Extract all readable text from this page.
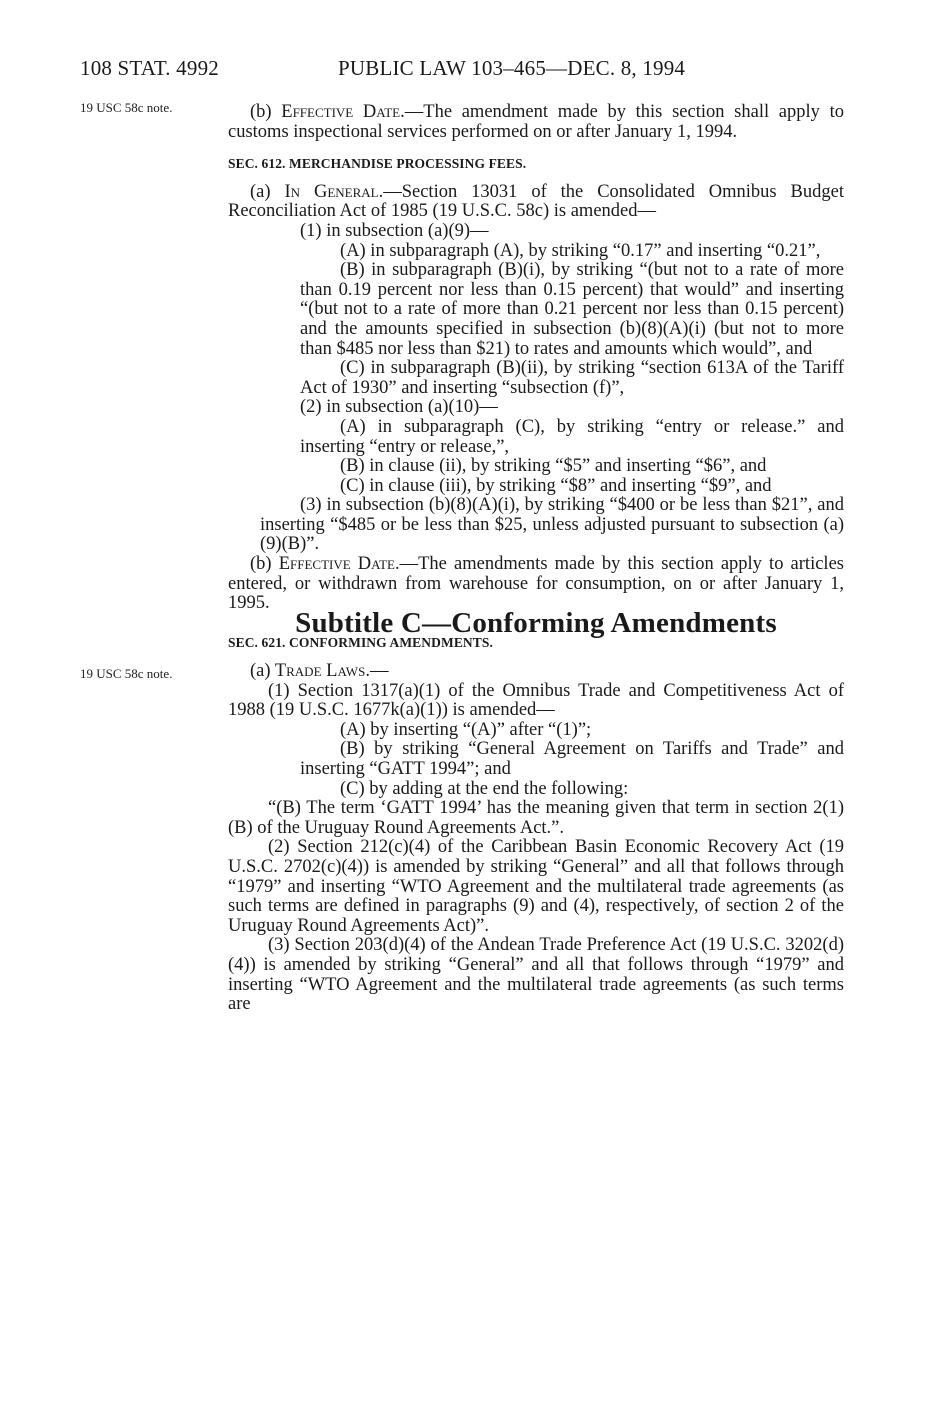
108 STAT. 4992	PUBLIC LAW 103–465—DEC. 8, 1994
19 USC 58c note.
19 USC 58c note.

(b) Effective Date.—The amendment made by this section shall apply to customs inspectional services performed on or after January 1, 1994.

SEC. 612. MERCHANDISE PROCESSING FEES.

(a) In General.—Section 13031 of the Consolidated Omnibus Budget Reconciliation Act of 1985 (19 U.S.C. 58c) is amended—

(1) in subsection (a)(9)—

(A) in subparagraph (A), by striking “0.17” and inserting “0.21”,

(B) in subparagraph (B)(i), by striking “(but not to a rate of more than 0.19 percent nor less than 0.15 percent) that would” and inserting “(but not to a rate of more than 0.21 percent nor less than 0.15 percent) and the amounts specified in subsection (b)(8)(A)(i) (but not to more than $485 nor less than $21) to rates and amounts which would”, and

(C) in subparagraph (B)(ii), by striking “section 613A of the Tariff Act of 1930” and inserting “subsection (f)”,

(2) in subsection (a)(10)—

(A) in subparagraph (C), by striking “entry or release.” and inserting “entry or release,”,

(B) in clause (ii), by striking “$5” and inserting “$6”, and

(C) in clause (iii), by striking “$8” and inserting “$9”, and

(3) in subsection (b)(8)(A)(i), by striking “$400 or be less than $21”, and inserting “$485 or be less than $25, unless adjusted pursuant to subsection (a)(9)(B)”.

(b) Effective Date.—The amendments made by this section apply to articles entered, or withdrawn from warehouse for consumption, on or after January 1, 1995.

Subtitle C—Conforming Amendments

SEC. 621. CONFORMING AMENDMENTS.

(a) Trade Laws.—

(1) Section 1317(a)(1) of the Omnibus Trade and Competitiveness Act of 1988 (19 U.S.C. 1677k(a)(1)) is amended—

(A) by inserting “(A)” after “(1)”;

(B) by striking “General Agreement on Tariffs and Trade” and inserting “GATT 1994”; and

(C) by adding at the end the following:

“(B) The term ‘GATT 1994’ has the meaning given that term in section 2(1)(B) of the Uruguay Round Agreements Act.”.

(2) Section 212(c)(4) of the Caribbean Basin Economic Recovery Act (19 U.S.C. 2702(c)(4)) is amended by striking “General” and all that follows through “1979” and inserting “WTO Agreement and the multilateral trade agreements (as such terms are defined in paragraphs (9) and (4), respectively, of section 2 of the Uruguay Round Agreements Act)”.

(3) Section 203(d)(4) of the Andean Trade Preference Act (19 U.S.C. 3202(d)(4)) is amended by striking “General” and all that follows through “1979” and inserting “WTO Agreement and the multilateral trade agreements (as such terms are
